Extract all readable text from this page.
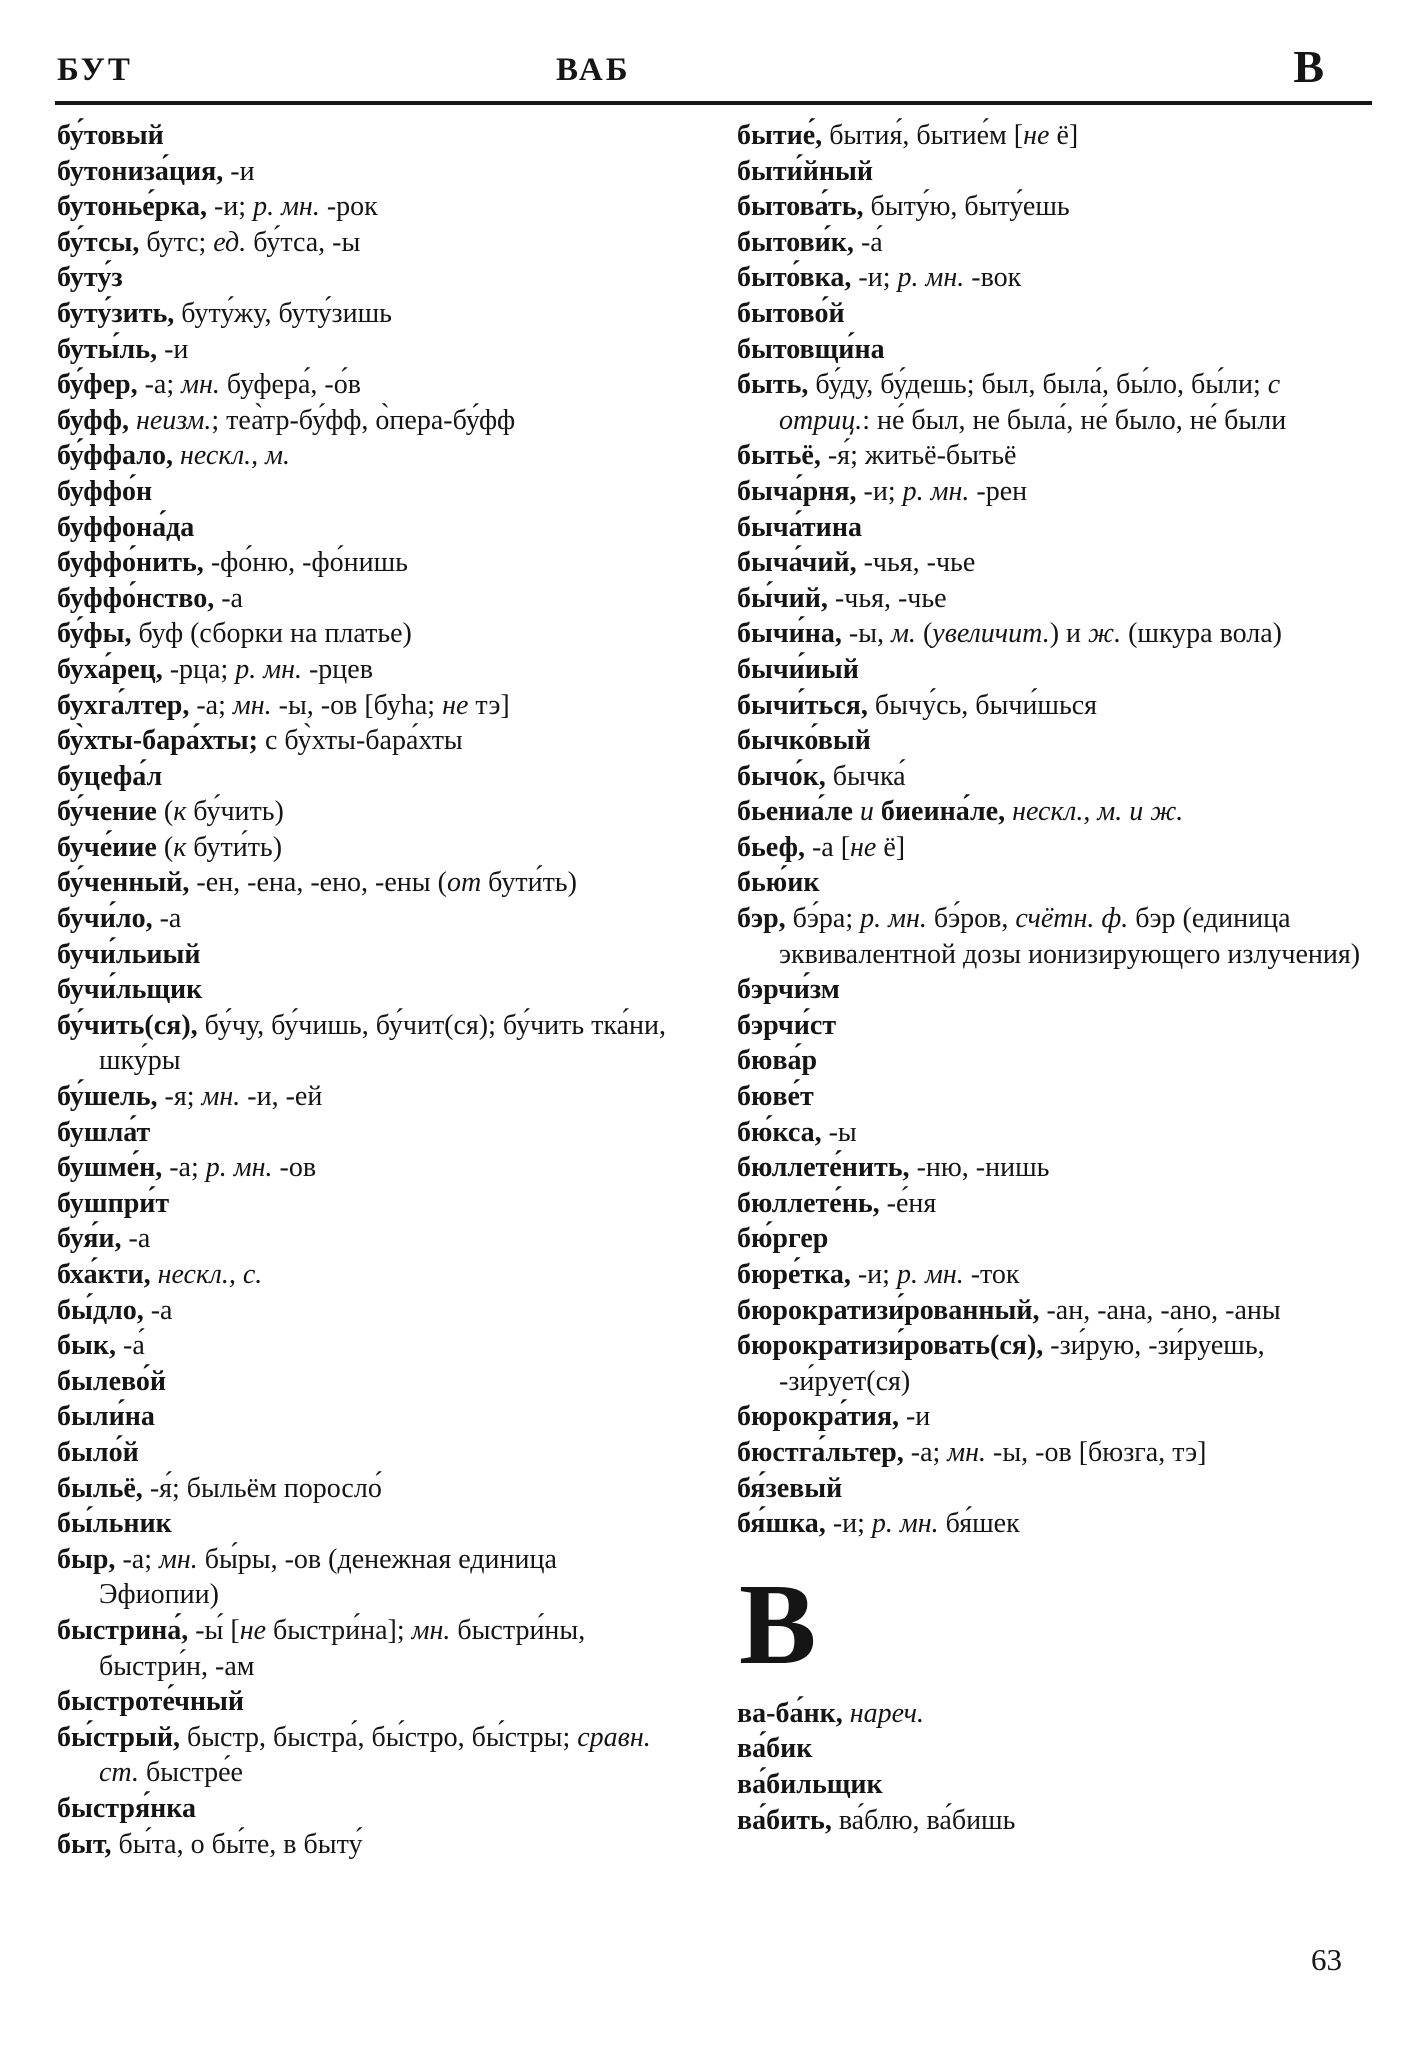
БУТ	ВАБ	В
бу́товый
бутониза́ция, -и
бутонье́рка, -и; р. мн. -рок
бу́тсы, бутс; ед. бу́тса, -ы
буту́з
буту́зить, буту́жу, буту́зишь
буты́ль, -и
бу́фер, -а; мн. буфера́, -о́в
буфф, неизм.; теа̀тр-бу́фф, о̀пера-бу́фф
бу́ффало, нескл., м.
буффо́н
буффона́да
буффо́нить, -фо́ню, -фо́нишь
буффо́нство, -а
бу́фы, буф (сборки на платье)
буха́рец, -рца; р. мн. -рцев
бухга́лтер, -а; мн. -ы, -ов [буhа; не тэ]
бу̀хты-бара́хты; с бу̀хты-бара́хты
буцефа́л
бу́чение (к бу́чить)
буче́иие (к бути́ть)
бу́ченный, -ен, -ена, -ено, -ены (от бути́ть)
бучи́ло, -а
бучи́льиый
бучи́льщик
бу́чить(ся), бу́чу, бу́чишь, бу́чит(ся); бу́чить тка́ни, шку́ры
бу́шель, -я; мн. -и, -ей
бушла́т
бушме́н, -а; р. мн. -ов
бушпри́т
буя́и, -а
бха́кти, нескл., с.
бы́дло, -а
бык, -а́
былево́й
были́на
было́й
быльё, -я́; быльём поросло́
бы́льник
быр, -а; мн. бы́ры, -ов (денежная единица Эфиопии)
быстрина́, -ы́ [не быстри́на]; мн. быстри́ны, быстри́н, -ам
быстроте́чный
бы́стрый, быстр, быстра́, бы́стро, бы́стры; сравн. ст. быстре́е
быстря́нка
быт, бы́та, о бы́те, в быту́
бытие́, бытия́, бытие́м [не ё]
быти́йный
бытова́ть, быту́ю, быту́ешь
бытови́к, -а́
быто́вка, -и; р. мн. -вок
бытово́й
бытовщи́на
быть, бу́ду, бу́дешь; был, была́, бы́ло, бы́ли; с отриц.: не́ был, не была́, не́ было, не́ были
бытьё, -я́; житьё-бытьё
быча́рня, -и; р. мн. -рен
быча́тина
быча́чий, -чья, -чье
бы́чий, -чья, -чье
бычи́на, -ы, м. (увеличит.) и ж. (шкура вола)
бычи́иый
бычи́ться, бычу́сь, бычи́шься
бычко́вый
бычо́к, бычка́
бьениа́ле и биеина́ле, нескл., м. и ж.
бьеф, -а [не ё]
бью́ик
бэр, бэ́ра; р. мн. бэ́ров, счётн. ф. бэр (единица эквивалентной дозы ионизирующего излучения)
бэрчи́зм
бэрчи́ст
бюва́р
бюве́т
бю́кса, -ы
бюллете́нить, -ню, -нишь
бюллете́нь, -е́ня
бю́ргер
бюре́тка, -и; р. мн. -ток
бюрократизи́рованный, -ан, -ана, -ано, -аны
бюрократизи́ровать(ся), -зи́рую, -зи́руешь, -зи́рует(ся)
бюрокра́тия, -и
бюстга́льтер, -а; мн. -ы, -ов [бюзга, тэ]
бя́зевый
бя́шка, -и; р. мн. бя́шек
В
ва-ба́нк, нареч.
ва́бик
ва́бильщик
ва́бить, ва́блю, ва́бишь
63
